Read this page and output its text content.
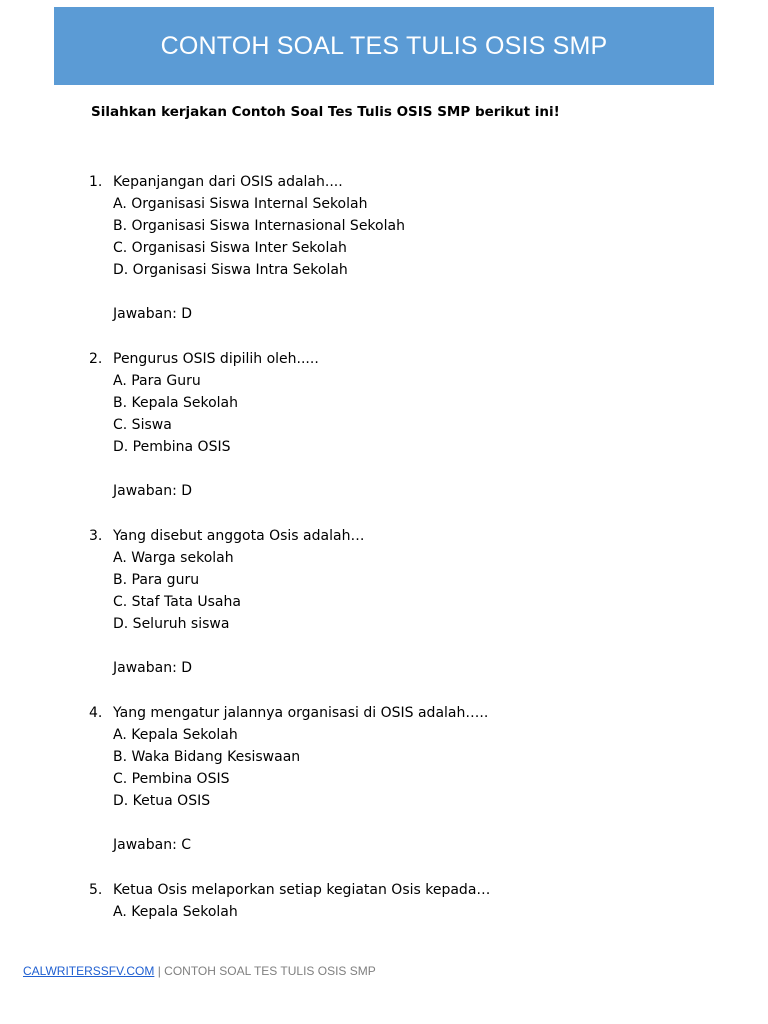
CONTOH SOAL TES TULIS OSIS SMP
Silahkan kerjakan Contoh Soal Tes Tulis OSIS SMP berikut ini!
1. Kepanjangan dari OSIS adalah....
A. Organisasi Siswa Internal Sekolah
B. Organisasi Siswa Internasional Sekolah
C. Organisasi Siswa Inter Sekolah
D. Organisasi Siswa Intra Sekolah
Jawaban: D
2. Pengurus OSIS dipilih oleh.....
A. Para Guru
B. Kepala Sekolah
C. Siswa
D. Pembina OSIS
Jawaban: D
3. Yang disebut anggota Osis adalah…
A. Warga sekolah
B. Para guru
C. Staf Tata Usaha
D. Seluruh siswa
Jawaban: D
4. Yang mengatur jalannya organisasi di OSIS adalah…..
A. Kepala Sekolah
B. Waka Bidang Kesiswaan
C. Pembina OSIS
D. Ketua OSIS
Jawaban: C
5. Ketua Osis melaporkan setiap kegiatan Osis kepada…
A. Kepala Sekolah
CALWRITERSSFV.COM | CONTOH SOAL TES TULIS OSIS SMP
